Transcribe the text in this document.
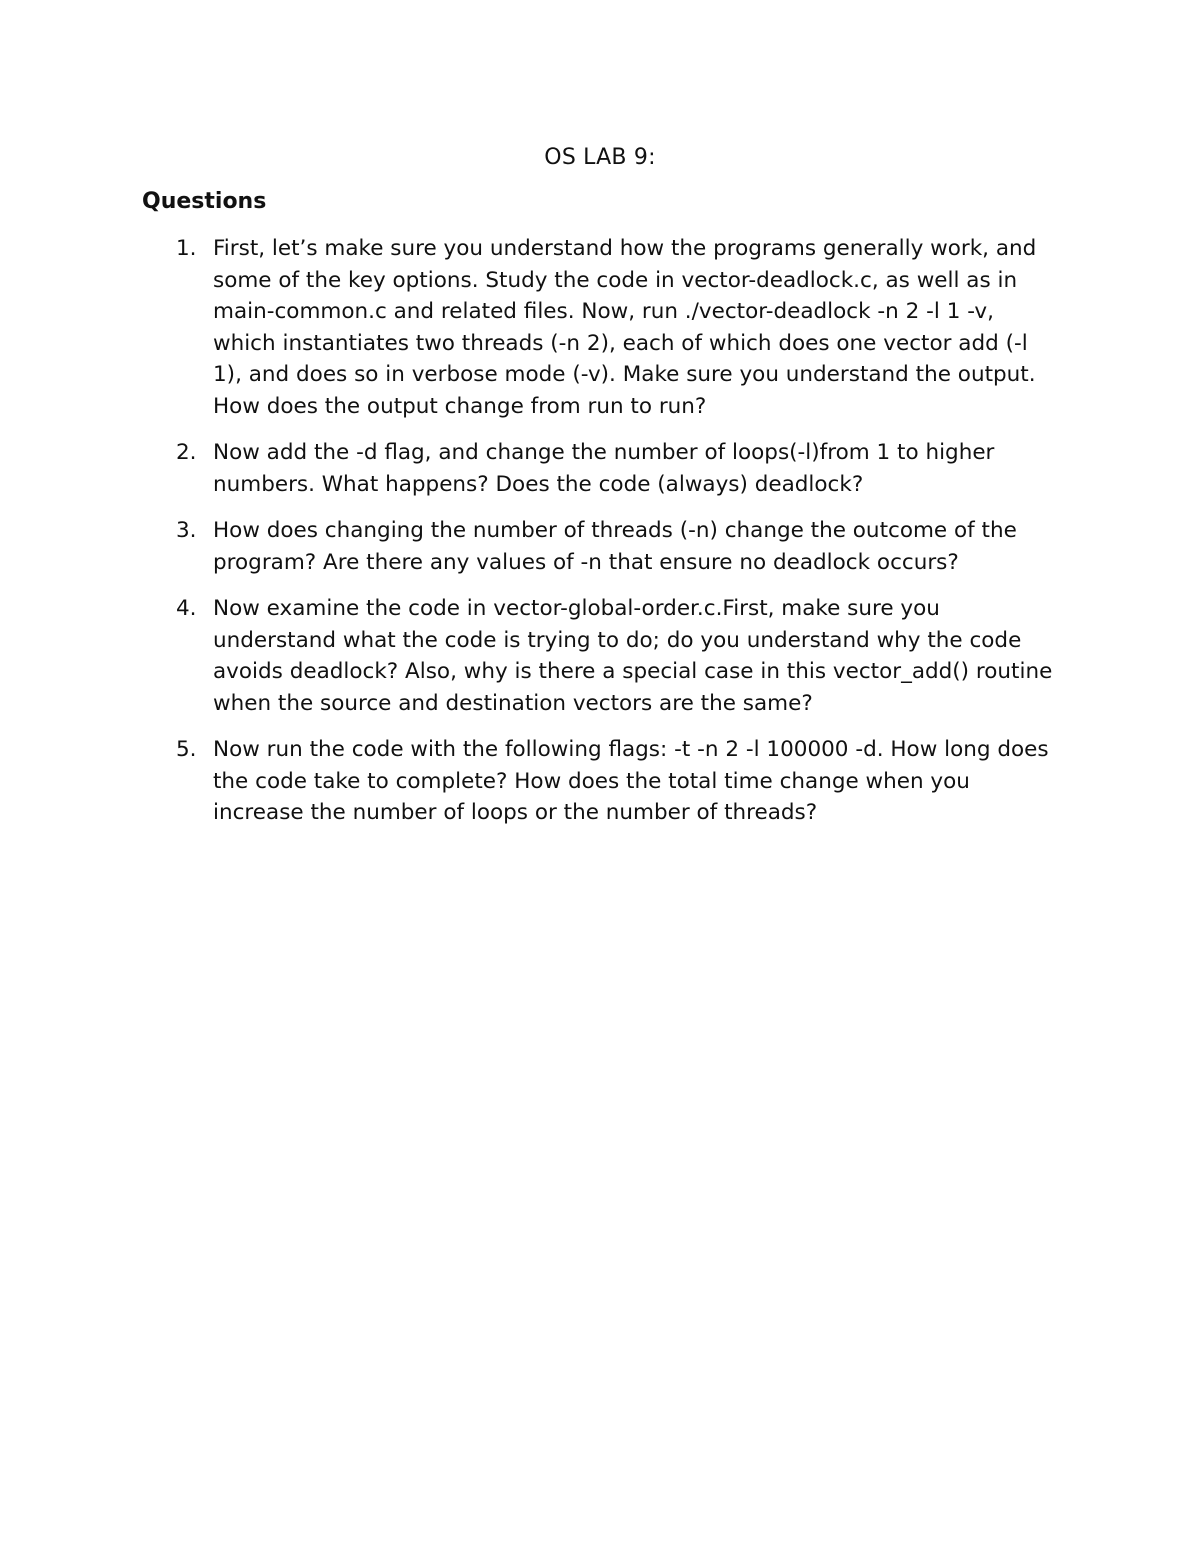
OS LAB 9:
Questions
1. First, let’s make sure you understand how the programs generally work, and some of the key options. Study the code in vector-deadlock.c, as well as in main-common.c and related files. Now, run ./vector-deadlock -n 2 -l 1 -v, which instantiates two threads (-n 2), each of which does one vector add (-l 1), and does so in verbose mode (-v). Make sure you understand the output. How does the output change from run to run?
2. Now add the -d flag, and change the number of loops(-l)from 1 to higher numbers. What happens? Does the code (always) deadlock?
3. How does changing the number of threads (-n) change the outcome of the program? Are there any values of -n that ensure no deadlock occurs?
4. Now examine the code in vector-global-order.c.First, make sure you understand what the code is trying to do; do you understand why the code avoids deadlock? Also, why is there a special case in this vector_add() routine when the source and destination vectors are the same?
5. Now run the code with the following flags: -t -n 2 -l 100000 -d. How long does the code take to complete? How does the total time change when you increase the number of loops or the number of threads?
